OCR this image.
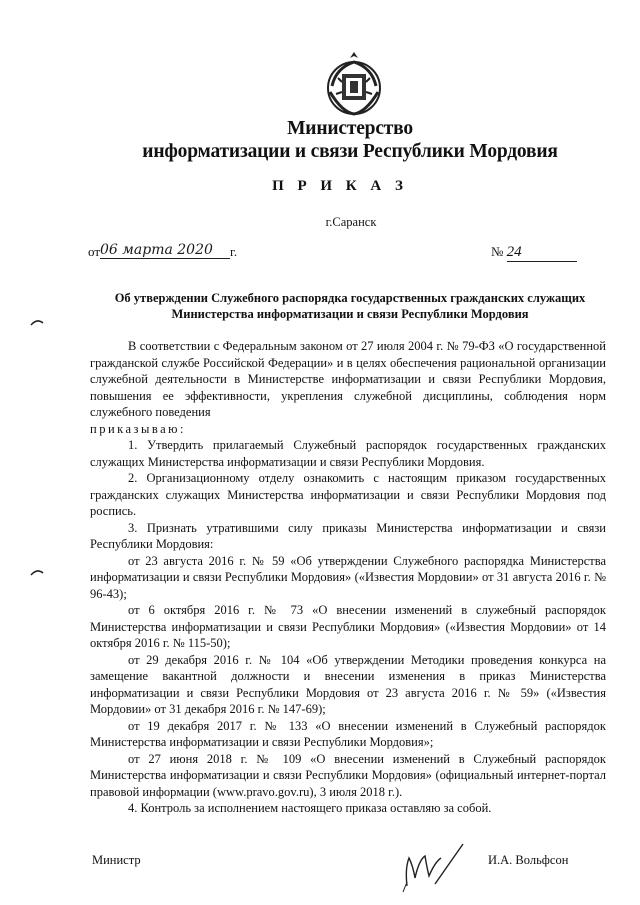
Министерство
информатизации и связи Республики Мордовия
П Р И К А З
г.Саранск
от06 марта 2020 г.	№ 24
Об утверждении Служебного распорядка государственных гражданских служащих Министерства информатизации и связи Республики Мордовия

В соответствии с Федеральным законом от 27 июля 2004 г. № 79-ФЗ «О государственной гражданской службе Российской Федерации» и в целях обеспечения рациональной организации служебной деятельности в Министерстве информатизации и связи Республики Мордовия, повышения ее эффективности, укрепления служебной дисциплины, соблюдения норм служебного поведения

приказываю:

1. Утвердить прилагаемый Служебный распорядок государственных гражданских служащих Министерства информатизации и связи Республики Мордовия.

2. Организационному отделу ознакомить с настоящим приказом государственных гражданских служащих Министерства информатизации и связи Республики Мордовия под роспись.

3. Признать утратившими силу приказы Министерства информатизации и связи Республики Мордовия:

от 23 августа 2016 г. № 59 «Об утверждении Служебного распорядка Министерства информатизации и связи Республики Мордовия» («Известия Мордовии» от 31 августа 2016 г. № 96-43);

от 6 октября 2016 г. № 73 «О внесении изменений в служебный распорядок Министерства информатизации и связи Республики Мордовия» («Известия Мордовии» от 14 октября 2016 г. № 115-50);

от 29 декабря 2016 г. № 104 «Об утверждении Методики проведения конкурса на замещение вакантной должности и внесении изменения в приказ Министерства информатизации и связи Республики Мордовия от 23 августа 2016 г. № 59» («Известия Мордовии» от 31 декабря 2016 г. № 147-69);

от 19 декабря 2017 г. № 133 «О внесении изменений в Служебный распорядок Министерства информатизации и связи Республики Мордовия»;

от 27 июня 2018 г. № 109 «О внесении изменений в Служебный распорядок Министерства информатизации и связи Республики Мордовия» (официальный интернет-портал правовой информации (www.pravo.gov.ru), 3 июля 2018 г.).

4. Контроль за исполнением настоящего приказа оставляю за собой.

Министр	И.А. Вольфсон
